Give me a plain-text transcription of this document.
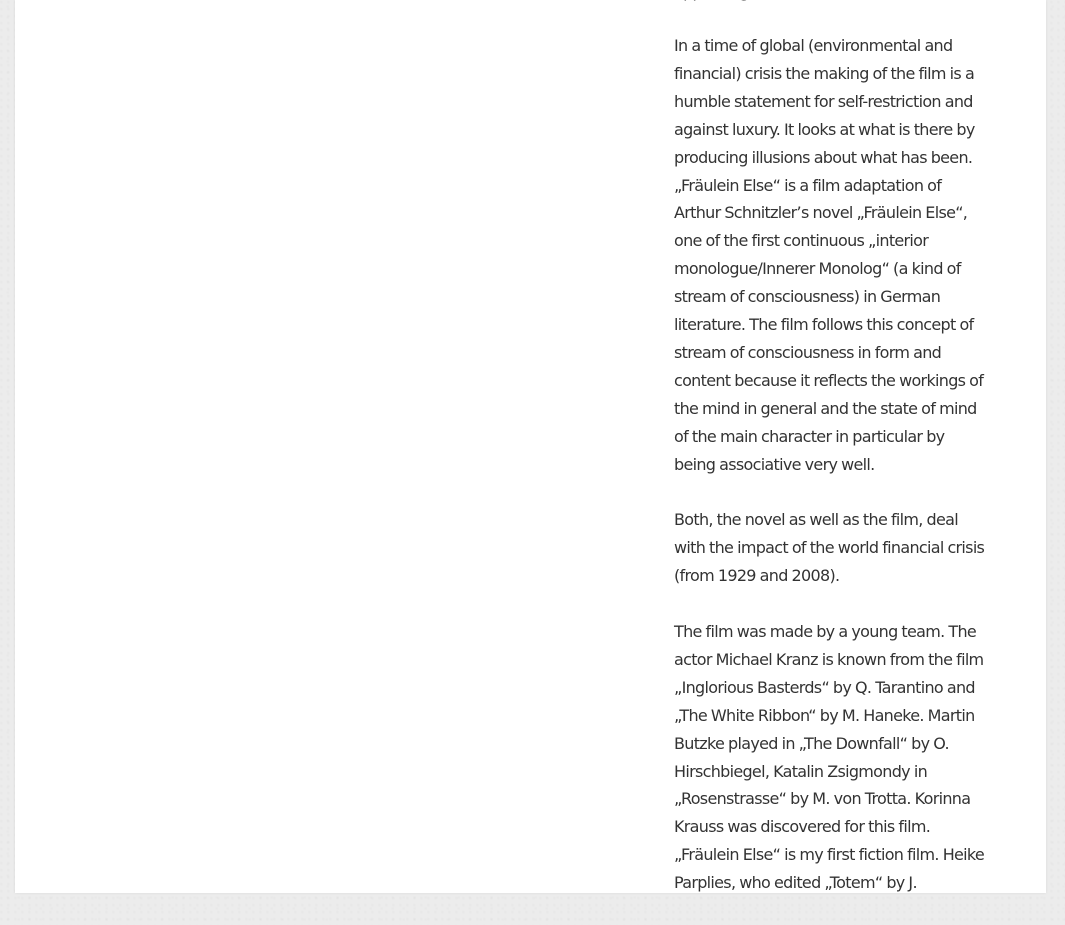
In a time of global (environmental and financial) crisis the making of the film is a humble statement for self-restriction and against luxury. It looks at what is there by producing illusions about what has been. „Fräulein Else“ is a film adaptation of Arthur Schnitzler’s novel „Fräulein Else“, one of the first continuous „interior monologue/Innerer Monolog“ (a kind of stream of consciousness) in German literature. The film follows this concept of stream of consciousness in form and content because it reflects the workings of the mind in general and the state of mind of the main character in particular by being associative very well.

Both, the novel as well as the film, deal with the impact of the world financial crisis (from 1929 and 2008).

The film was made by a young team. The actor Michael Kranz is known from the film „Inglorious Basterds“ by Q. Tarantino and „The White Ribbon“ by M. Haneke. Martin Butzke played in „The Downfall“ by O. Hirschbiegel, Katalin Zsigmondy in „Rosenstrasse“ by M. von Trotta. Korinna Krauss was discovered for this film. „Fräulein Else“ is my first fiction film. Heike Parplies, who edited „Totem“ by J.
